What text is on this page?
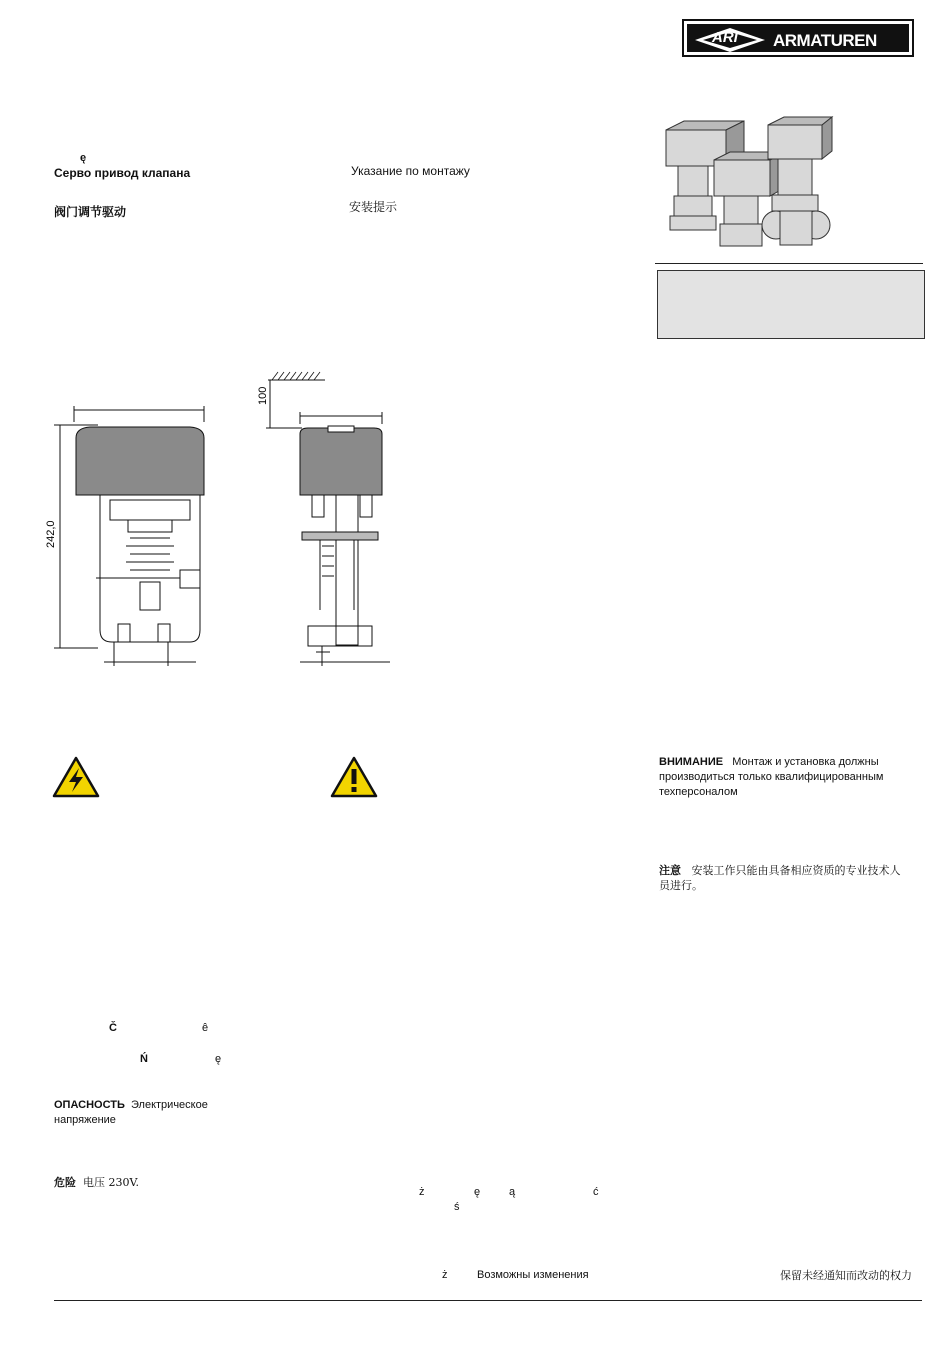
ARI ARMATUREN
ę
Серво привод клапана	Указание по монтажу
阀门调节驱动	安装提示
100
242,0
ВНИМАНИЕ Монтаж и установка должны
производиться только квалифицированным
техперсоналом
注意 安装工作只能由具备相应资质的专业技术人
员进行。
Č	ê
Ń	ę
ОПАСНОСТЬ Электрическое
напряжение
危险 电压 230V.
ż	ę	ą	ć
ś
ż	Возможны изменения	保留未经通知而改动的权力
